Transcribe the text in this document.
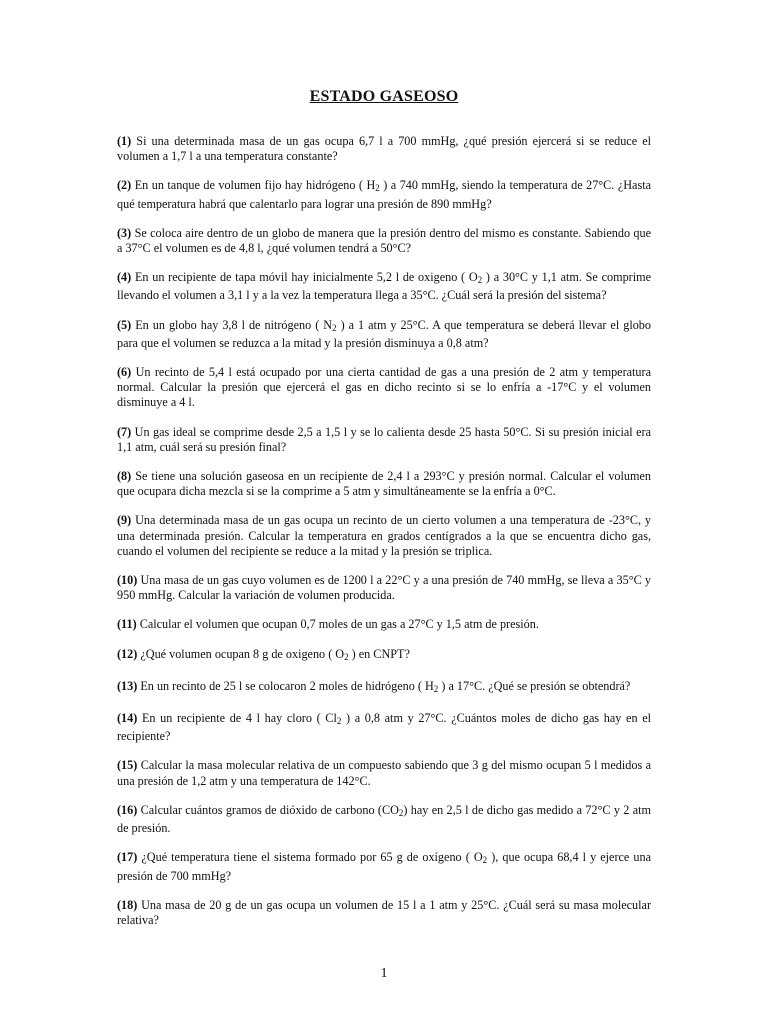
ESTADO GASEOSO
(1) Si una determinada masa de un gas ocupa 6,7 l a 700 mmHg, ¿qué presión ejercerá si se reduce el volumen a 1,7 l a una temperatura constante?
(2) En un tanque de volumen fijo hay hidrógeno ( $H_2$ ) a 740 mmHg, siendo la temperatura de 27°C. ¿Hasta qué temperatura habrá que calentarlo para lograr una presión de 890 mmHg?
(3) Se coloca aire dentro de un globo de manera que la presión dentro del mismo es constante. Sabiendo que a 37°C el volumen es de 4,8 l, ¿qué volumen tendrá a 50°C?
(4) En un recipiente de tapa móvil hay inicialmente 5,2 l de oxigeno ( $O_2$ ) a 30°C y 1,1 atm. Se comprime llevando el volumen a 3,1 l y a la vez la temperatura llega a 35°C. ¿Cuál será la presión del sistema?
(5) En un globo hay 3,8 l de nitrógeno ( $N_2$ ) a 1 atm y 25°C. A que temperatura se deberá llevar el globo para que el volumen se reduzca a la mitad y la presión disminuya a 0,8 atm?
(6) Un recinto de 5,4 l está ocupado por una cierta cantidad de gas a una presión de 2 atm y temperatura normal. Calcular la presión que ejercerá el gas en dicho recinto si se lo enfría a -17°C y el volumen disminuye a 4 l.
(7) Un gas ideal se comprime desde 2,5 a 1,5 l y se lo calienta desde 25 hasta 50°C. Si su presión inicial era 1,1 atm, cuál será su presión final?
(8) Se tiene una solución gaseosa en un recipiente de 2,4 l a 293°C y presión normal. Calcular el volumen que ocupara dicha mezcla si se la comprime a 5 atm y simultáneamente se la enfría a 0°C.
(9) Una determinada masa de un gas ocupa un recinto de un cierto volumen a una temperatura de -23°C, y una determinada presión. Calcular la temperatura en grados centígrados a la que se encuentra dicho gas, cuando el volumen del recipiente se reduce a la mitad y la presión se triplica.
(10) Una masa de un gas cuyo volumen es de 1200 l a 22°C y a una presión de 740 mmHg, se lleva a 35°C y 950 mmHg. Calcular la variación de volumen producida.
(11) Calcular el volumen que ocupan 0,7 moles de un gas a 27°C y 1,5 atm de presión.
(12) ¿Qué volumen ocupan 8 g de oxigeno ( $O_2$ ) en CNPT?
(13) En un recinto de 25 l se colocaron 2 moles de hidrógeno ( $H_2$ ) a 17°C. ¿Qué se presión se obtendrá?
(14) En un recipiente de 4 l hay cloro ( $Cl_2$ ) a 0,8 atm y 27°C. ¿Cuántos moles de dicho gas hay en el recipiente?
(15) Calcular la masa molecular relativa de un compuesto sabiendo que 3 g del mismo ocupan 5 l medidos a una presión de 1,2 atm y una temperatura de 142°C.
(16) Calcular cuántos gramos de dióxido de carbono $(CO_2)$ hay en 2,5 l de dicho gas medido a 72°C y 2 atm de presión.
(17) ¿Qué temperatura tiene el sistema formado por 65 g de oxígeno ( $O_2$ ), que ocupa 68,4 l y ejerce una presión de 700 mmHg?
(18) Una masa de 20 g de un gas ocupa un volumen de 15 l a 1 atm y 25°C. ¿Cuál será su masa molecular relativa?
1
